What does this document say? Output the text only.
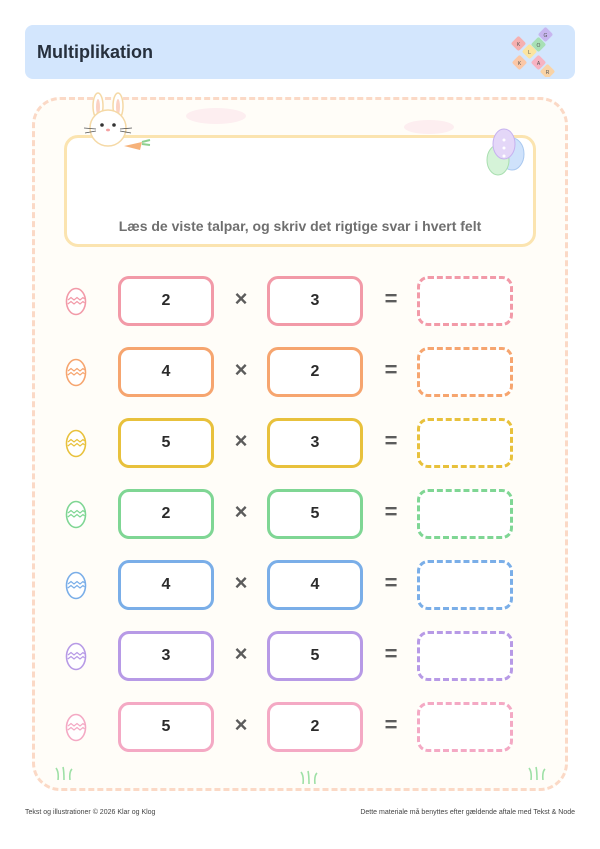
Multiplikation	K
G
L
O
K	A
R
Læs de viste talpar, og skriv det rigtige svar i hvert felt
2	×	3	=
4	×	2	=
5	×	3	=
2	×	5	=
4	×	4	=
3	×	5	=
5	×	2	=
Tekst og illustrationer © 2026 Klar og Klog	Dette materiale må benyttes efter gældende aftale med Tekst & Node
